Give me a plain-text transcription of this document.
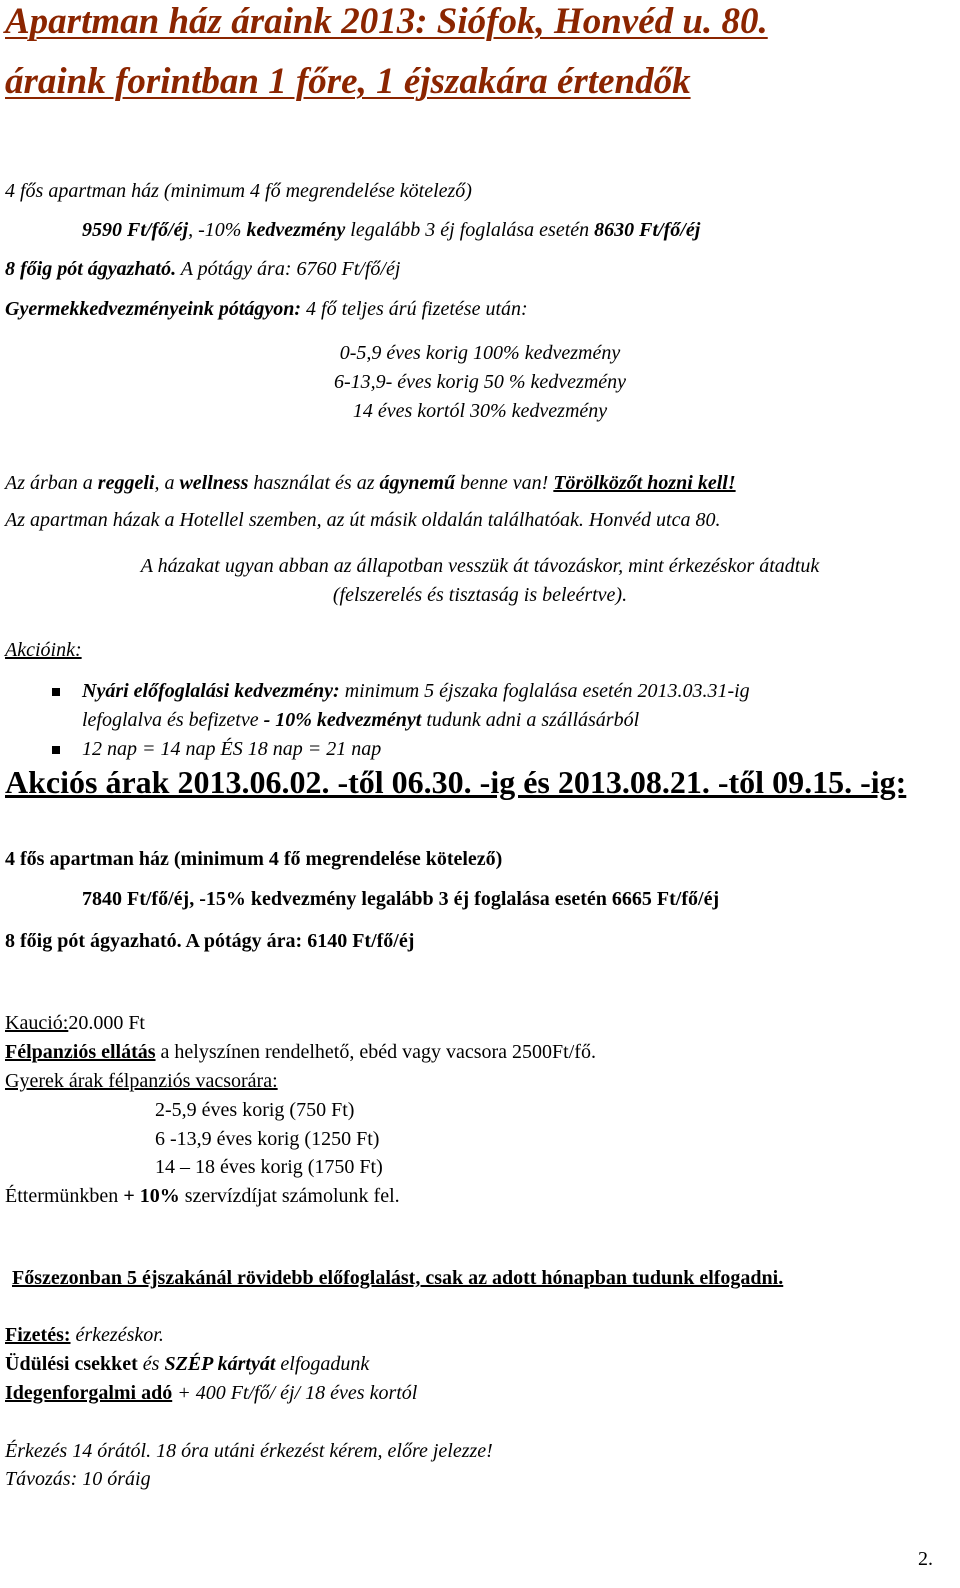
Apartman ház áraink 2013: Siófok, Honvéd u. 80.
áraink forintban 1 főre, 1 éjszakára értendők
4 fős apartman ház (minimum 4 fő megrendelése kötelező)
9590 Ft/fő/éj, -10% kedvezmény legalább 3 éj foglalása esetén 8630 Ft/fő/éj
8 főig pót ágyazható. A pótágy ára: 6760 Ft/fő/éj
Gyermekkedvezményeink pótágyon: 4 fő teljes árú fizetése után:
0-5,9 éves korig 100% kedvezmény
6-13,9- éves korig 50 % kedvezmény
14 éves kortól 30% kedvezmény
Az árban a reggeli, a wellness használat és az ágynemű benne van! Törölközőt hozni kell!
Az apartman házak a Hotellel szemben, az út másik oldalán találhatóak. Honvéd utca 80.
A házakat ugyan abban az állapotban vesszük át távozáskor, mint érkezéskor átadtuk
(felszerelés és tisztaság is beleértve).
Akcióink:
Nyári előfoglalási kedvezmény: minimum 5 éjszaka foglalása esetén 2013.03.31-ig
lefoglalva és befizetve - 10% kedvezményt tudunk adni a szállásárból
12 nap = 14 nap ÉS 18 nap = 21 nap
Akciós árak 2013.06.02. -től 06.30. -ig és 2013.08.21. -től 09.15. -ig:
4 fős apartman ház (minimum 4 fő megrendelése kötelező)
7840 Ft/fő/éj, -15% kedvezmény legalább 3 éj foglalása esetén 6665 Ft/fő/éj
8 főig pót ágyazható. A pótágy ára: 6140 Ft/fő/éj
Kaució:20.000 Ft
Félpanziós ellátás a helyszínen rendelhető, ebéd vagy vacsora 2500Ft/fő.
Gyerek árak félpanziós vacsorára:
2-5,9 éves korig (750 Ft)
6 -13,9 éves korig (1250 Ft)
14 – 18 éves korig (1750 Ft)
Éttermünkben + 10% szervízdíjat számolunk fel.
Főszezonban 5 éjszakánál rövidebb előfoglalást, csak az adott hónapban tudunk elfogadni.
Fizetés: érkezéskor.
Üdülési csekket és SZÉP kártyát elfogadunk
Idegenforgalmi adó + 400 Ft/fő/ éj/ 18 éves kortól
Érkezés 14 órától. 18 óra utáni érkezést kérem, előre jelezze!
Távozás: 10 óráig
2.
